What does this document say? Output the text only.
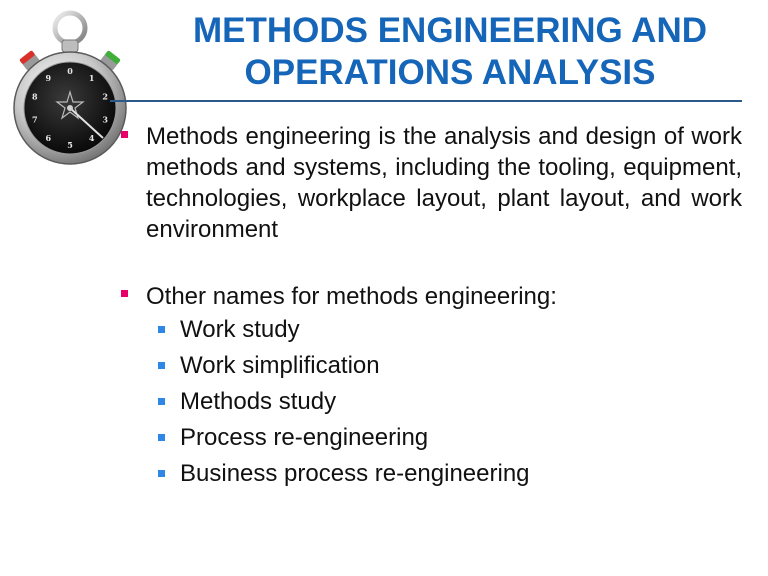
0
1
2
3
4
5
6
7
8
9
METHODS ENGINEERING AND
OPERATIONS ANALYSIS
Methods engineering is the analysis and design of work methods and systems, including the tooling, equipment, technologies, workplace layout, plant layout, and work environment
Other names for methods engineering:
Work study
Work simplification
Methods study
Process re-engineering
Business process re-engineering
